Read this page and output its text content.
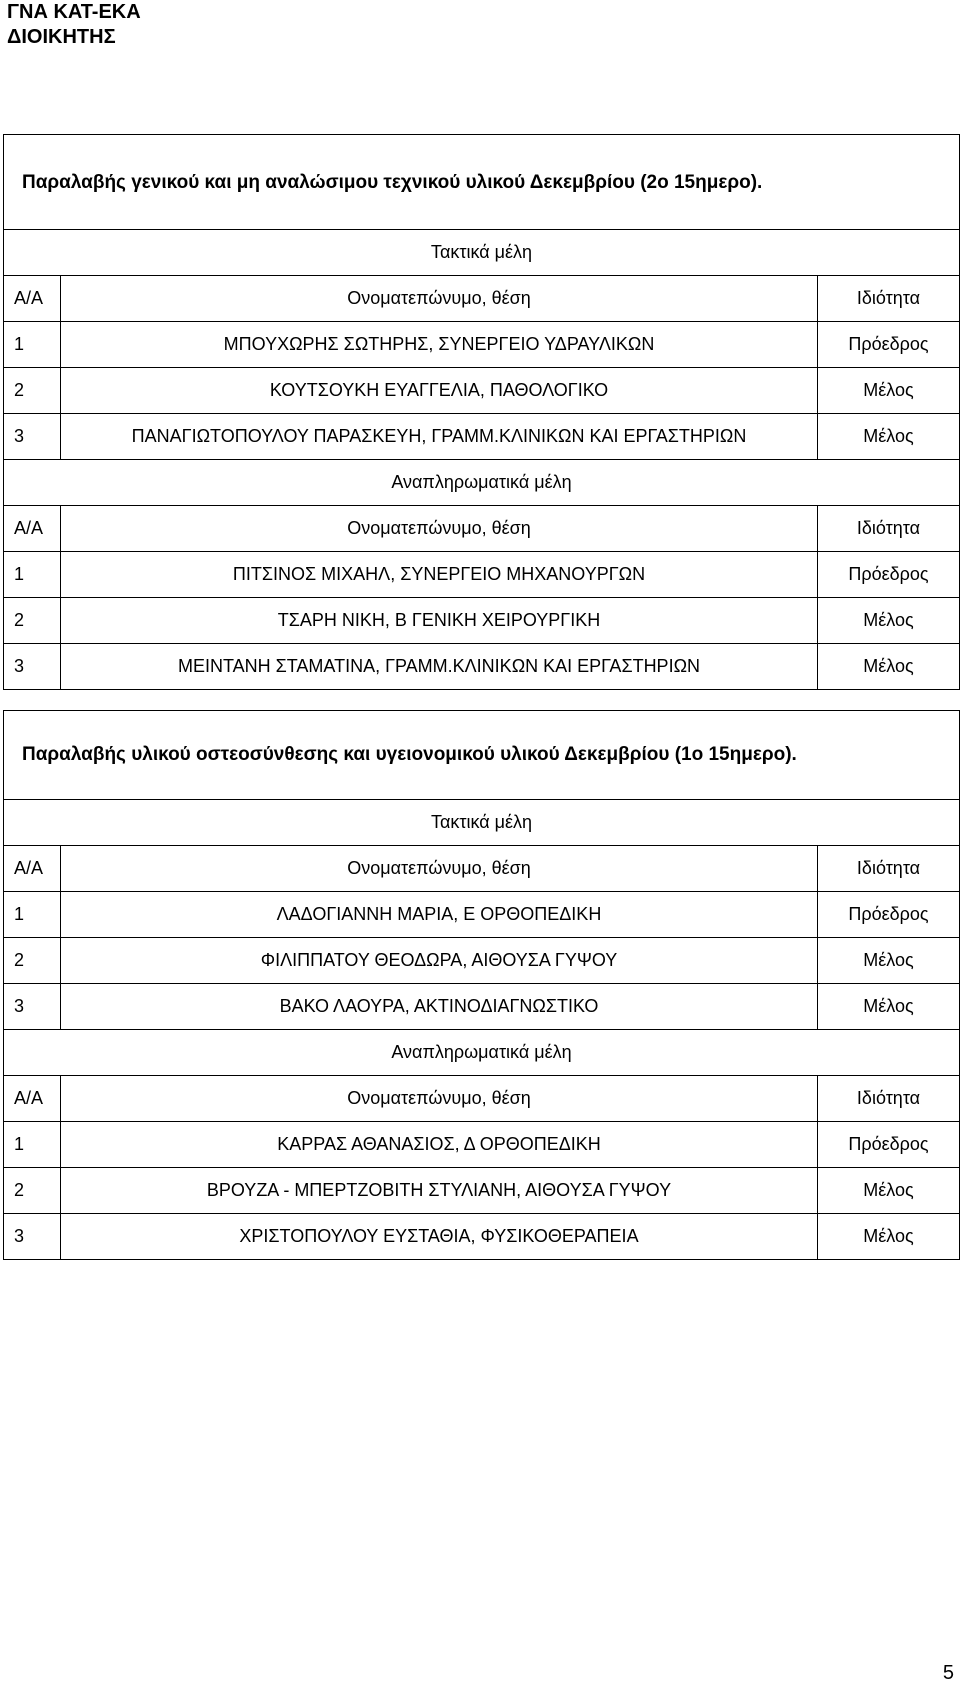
ΓΝΑ ΚΑΤ-ΕΚΑ
ΔΙΟΙΚΗΤΗΣ
Παραλαβής γενικού και μη αναλώσιμου τεχνικού υλικού Δεκεμβρίου (2ο 15ημερο).		
Τακτικά μέλη		
Α/Α	Ονοματεπώνυμο, θέση	Ιδιότητα
1	ΜΠΟΥΧΩΡΗΣ ΣΩΤΗΡΗΣ, ΣΥΝΕΡΓΕΙΟ ΥΔΡΑΥΛΙΚΩΝ	Πρόεδρος
2	ΚΟΥΤΣΟΥΚΗ ΕΥΑΓΓΕΛΙΑ, ΠΑΘΟΛΟΓΙΚΟ	Μέλος
3	ΠΑΝΑΓΙΩΤΟΠΟΥΛΟΥ ΠΑΡΑΣΚΕΥΗ, ΓΡΑΜΜ.ΚΛΙΝΙΚΩΝ ΚΑΙ ΕΡΓΑΣΤΗΡΙΩΝ	Μέλος
Αναπληρωματικά μέλη		
Α/Α	Ονοματεπώνυμο, θέση	Ιδιότητα
1	ΠΙΤΣΙΝΟΣ ΜΙΧΑΗΛ, ΣΥΝΕΡΓΕΙΟ ΜΗΧΑΝΟΥΡΓΩΝ	Πρόεδρος
2	ΤΣΑΡΗ ΝΙΚΗ, Β ΓΕΝΙΚΗ ΧΕΙΡΟΥΡΓΙΚΗ	Μέλος
3	ΜΕΙΝΤΑΝΗ ΣΤΑΜΑΤΙΝΑ, ΓΡΑΜΜ.ΚΛΙΝΙΚΩΝ ΚΑΙ ΕΡΓΑΣΤΗΡΙΩΝ	Μέλος
Παραλαβής υλικού οστεοσύνθεσης και υγειονομικού υλικού Δεκεμβρίου (1ο 15ημερο).		
Τακτικά μέλη		
Α/Α	Ονοματεπώνυμο, θέση	Ιδιότητα
1	ΛΑΔΟΓΙΑΝΝΗ ΜΑΡΙΑ, Ε ΟΡΘΟΠΕΔΙΚΗ	Πρόεδρος
2	ΦΙΛΙΠΠΑΤΟΥ ΘΕΟΔΩΡΑ, ΑΙΘΟΥΣΑ ΓΥΨΟΥ	Μέλος
3	ΒΑΚΟ ΛΑΟΥΡΑ, ΑΚΤΙΝΟΔΙΑΓΝΩΣΤΙΚΟ	Μέλος
Αναπληρωματικά μέλη		
Α/Α	Ονοματεπώνυμο, θέση	Ιδιότητα
1	ΚΑΡΡΑΣ ΑΘΑΝΑΣΙΟΣ, Δ ΟΡΘΟΠΕΔΙΚΗ	Πρόεδρος
2	ΒΡΟΥΖΑ - ΜΠΕΡΤΖΟΒΙΤΗ ΣΤΥΛΙΑΝΗ, ΑΙΘΟΥΣΑ ΓΥΨΟΥ	Μέλος
3	ΧΡΙΣΤΟΠΟΥΛΟΥ ΕΥΣΤΑΘΙΑ, ΦΥΣΙΚΟΘΕΡΑΠΕΙΑ	Μέλος
5
